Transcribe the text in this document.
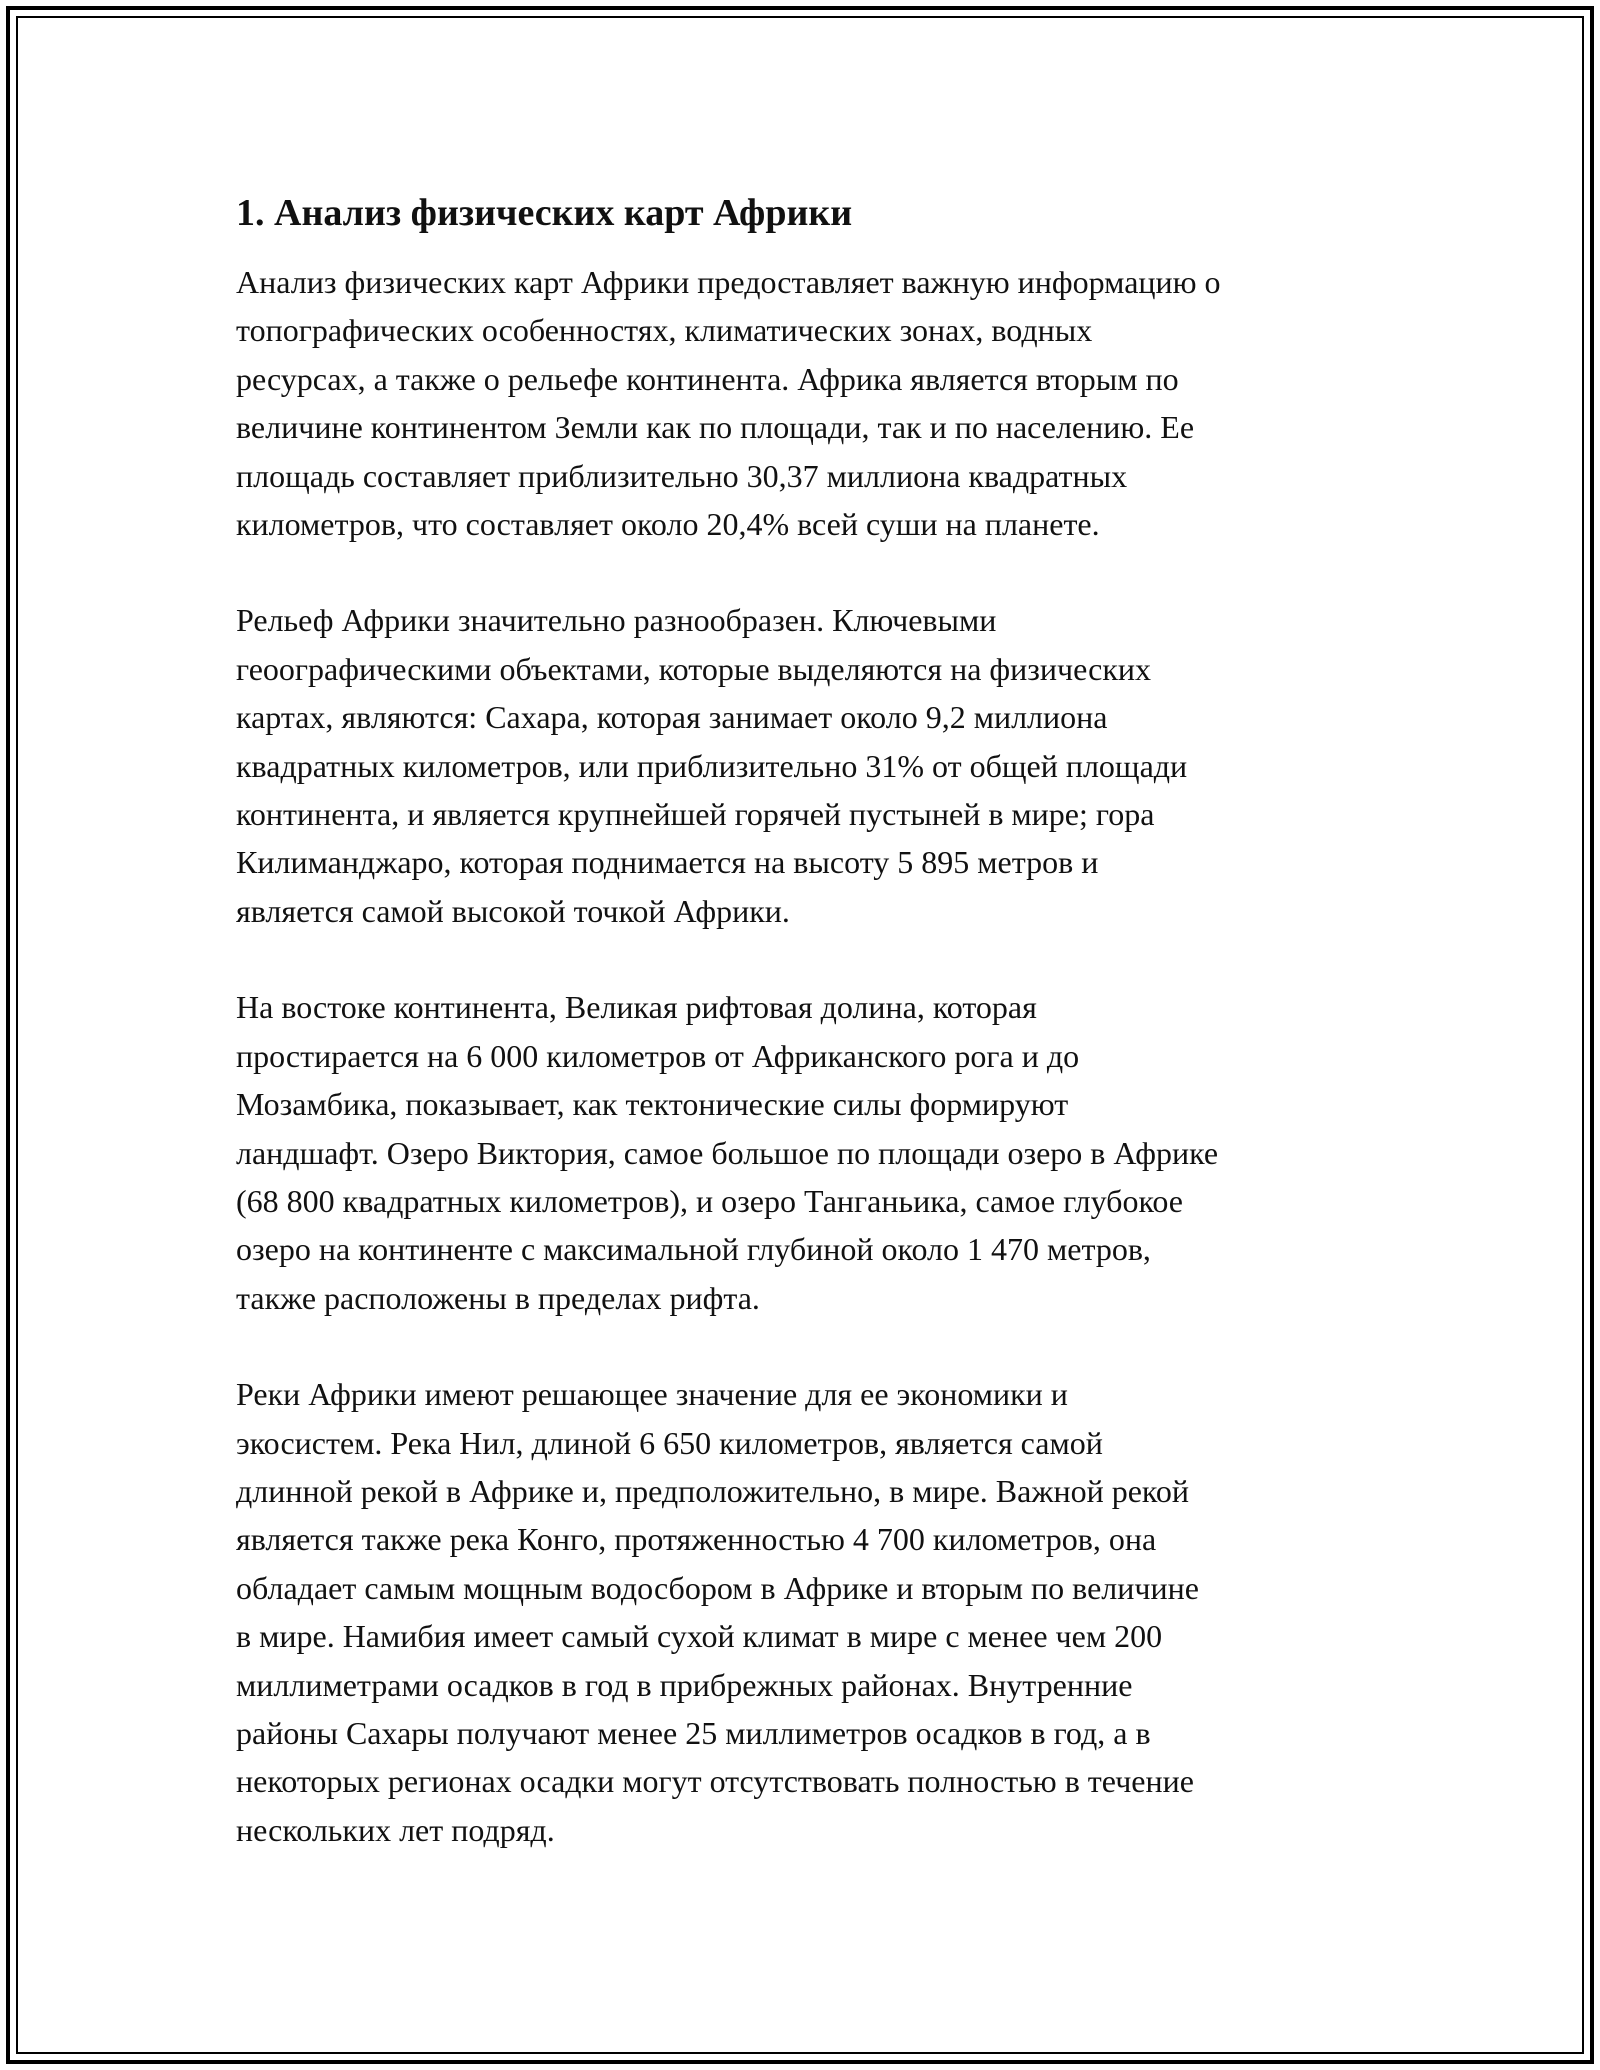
1. Анализ физических карт Африки
Анализ физических карт Африки предоставляет важную информацию о
топографических особенностях, климатических зонах, водных
ресурсах, а также о рельефе континента. Африка является вторым по
величине континентом Земли как по площади, так и по населению. Ее
площадь составляет приблизительно 30,37 миллиона квадратных
километров, что составляет около 20,4% всей суши на планете.
Рельеф Африки значительно разнообразен. Ключевыми
геоографическими объектами, которые выделяются на физических
картах, являются: Сахара, которая занимает около 9,2 миллиона
квадратных километров, или приблизительно 31% от общей площади
континента, и является крупнейшей горячей пустыней в мире; гора
Килиманджаро, которая поднимается на высоту 5 895 метров и
является самой высокой точкой Африки.
На востоке континента, Великая рифтовая долина, которая
простирается на 6 000 километров от Африканского рога и до
Мозамбика, показывает, как тектонические силы формируют
ландшафт. Озеро Виктория, самое большое по площади озеро в Африке
(68 800 квадратных километров), и озеро Танганьика, самое глубокое
озеро на континенте с максимальной глубиной около 1 470 метров,
также расположены в пределах рифта.
Реки Африки имеют решающее значение для ее экономики и
экосистем. Река Нил, длиной 6 650 километров, является самой
длинной рекой в Африке и, предположительно, в мире. Важной рекой
является также река Конго, протяженностью 4 700 километров, она
обладает самым мощным водосбором в Африке и вторым по величине
в мире. Намибия имеет самый сухой климат в мире с менее чем 200
миллиметрами осадков в год в прибрежных районах. Внутренние
районы Сахары получают менее 25 миллиметров осадков в год, а в
некоторых регионах осадки могут отсутствовать полностью в течение
нескольких лет подряд.
